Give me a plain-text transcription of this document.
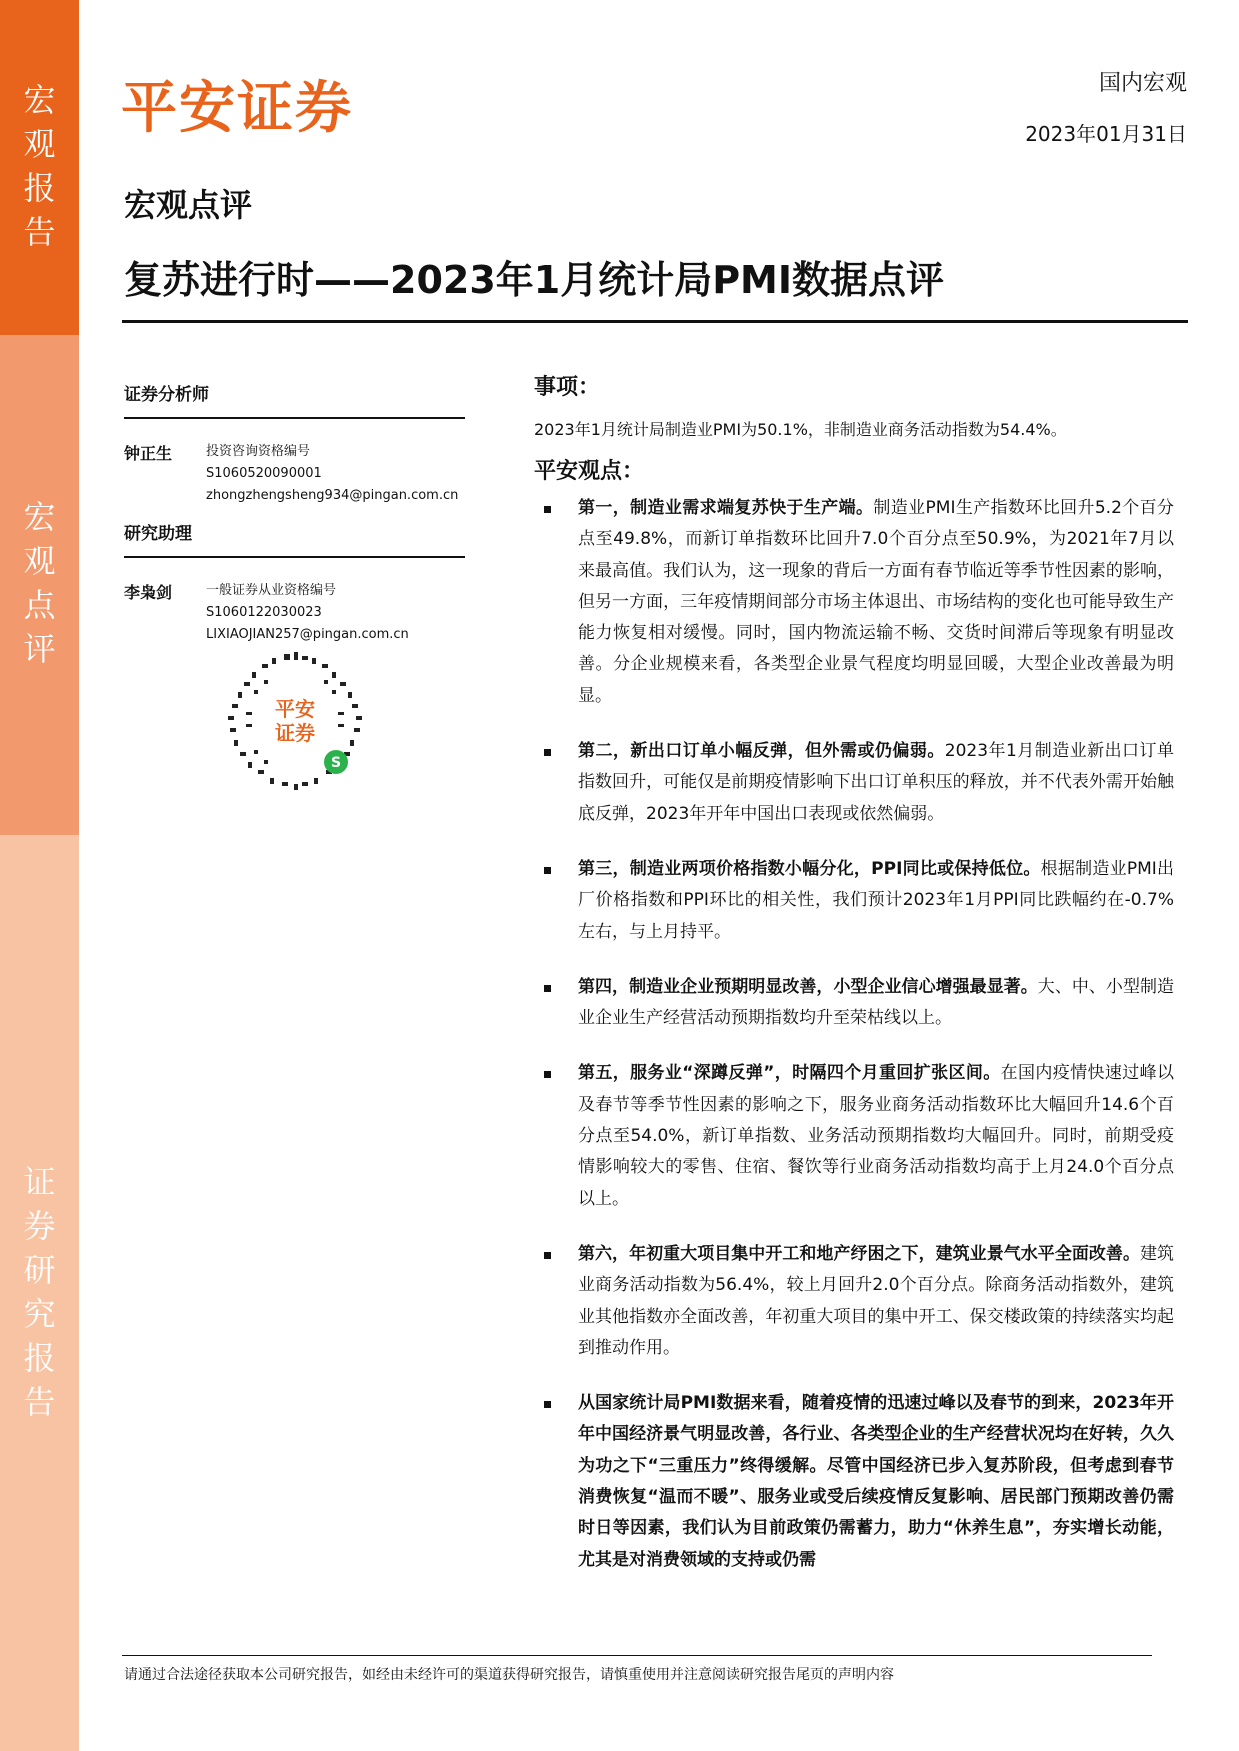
宏观报告
宏观点评
证券研究报告
平安证券	国内宏观
2023年01月31日
宏观点评
复苏进行时——2023年1月统计局PMI数据点评
证券分析师
钟正生	投资咨询资格编号
S1060520090001
zhongzhengsheng934@pingan.com.cn
研究助理
李枭剑	一般证券从业资格编号
S1060122030023
LIXIAOJIAN257@pingan.com.cn
平安
证券
S
事项：
2023年1月统计局制造业PMI为50.1%，非制造业商务活动指数为54.4%。
平安观点：
第一，制造业需求端复苏快于生产端。制造业PMI生产指数环比回升5.2个百分点至49.8%，而新订单指数环比回升7.0个百分点至50.9%，为2021年7月以来最高值。我们认为，这一现象的背后一方面有春节临近等季节性因素的影响，但另一方面，三年疫情期间部分市场主体退出、市场结构的变化也可能导致生产能力恢复相对缓慢。同时，国内物流运输不畅、交货时间滞后等现象有明显改善。分企业规模来看，各类型企业景气程度均明显回暖，大型企业改善最为明显。
第二，新出口订单小幅反弹，但外需或仍偏弱。2023年1月制造业新出口订单指数回升，可能仅是前期疫情影响下出口订单积压的释放，并不代表外需开始触底反弹，2023年开年中国出口表现或依然偏弱。
第三，制造业两项价格指数小幅分化，PPI同比或保持低位。根据制造业PMI出厂价格指数和PPI环比的相关性，我们预计2023年1月PPI同比跌幅约在-0.7%左右，与上月持平。
第四，制造业企业预期明显改善，小型企业信心增强最显著。大、中、小型制造业企业生产经营活动预期指数均升至荣枯线以上。
第五，服务业“深蹲反弹”，时隔四个月重回扩张区间。在国内疫情快速过峰以及春节等季节性因素的影响之下，服务业商务活动指数环比大幅回升14.6个百分点至54.0%，新订单指数、业务活动预期指数均大幅回升。同时，前期受疫情影响较大的零售、住宿、餐饮等行业商务活动指数均高于上月24.0个百分点以上。
第六，年初重大项目集中开工和地产纾困之下，建筑业景气水平全面改善。建筑业商务活动指数为56.4%，较上月回升2.0个百分点。除商务活动指数外，建筑业其他指数亦全面改善，年初重大项目的集中开工、保交楼政策的持续落实均起到推动作用。
从国家统计局PMI数据来看，随着疫情的迅速过峰以及春节的到来，2023年开年中国经济景气明显改善，各行业、各类型企业的生产经营状况均在好转，久久为功之下“三重压力”终得缓解。尽管中国经济已步入复苏阶段，但考虑到春节消费恢复“温而不暖”、服务业或受后续疫情反复影响、居民部门预期改善仍需时日等因素，我们认为目前政策仍需蓄力，助力“休养生息”，夯实增长动能，尤其是对消费领域的支持或仍需
请通过合法途径获取本公司研究报告，如经由未经许可的渠道获得研究报告，请慎重使用并注意阅读研究报告尾页的声明内容
